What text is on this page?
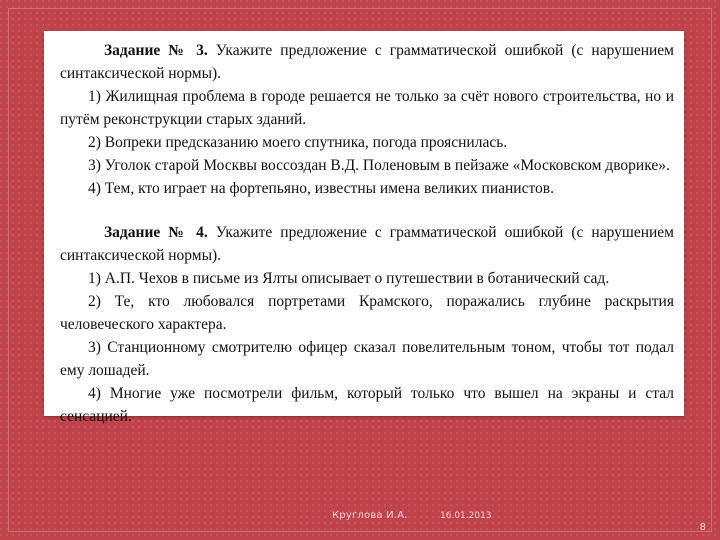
Задание № 3. Укажите предложение с грамматической ошибкой (с нарушением синтаксической нормы).

1) Жилищная проблема в городе решается не только за счёт нового строительства, но и путём реконструкции старых зданий.

2) Вопреки предсказанию моего спутника, погода прояснилась.

3) Уголок старой Москвы воссоздан В.Д. Поленовым в пейзаже «Московском дворике».

4) Тем, кто играет на фортепьяно, известны имена великих пианистов.

Задание № 4. Укажите предложение с грамматической ошибкой (с нарушением синтаксической нормы).

1) А.П. Чехов в письме из Ялты описывает о путешествии в ботанический сад.

2) Те, кто любовался портретами Крамского, поражались глубине раскрытия человеческого характера.

3) Станционному смотрителю офицер сказал повелительным тоном, чтобы тот подал ему лошадей.

4) Многие уже посмотрели фильм, который только что вышел на экраны и стал сенсацией.

Круглова И.А.	16.01.2013
8
